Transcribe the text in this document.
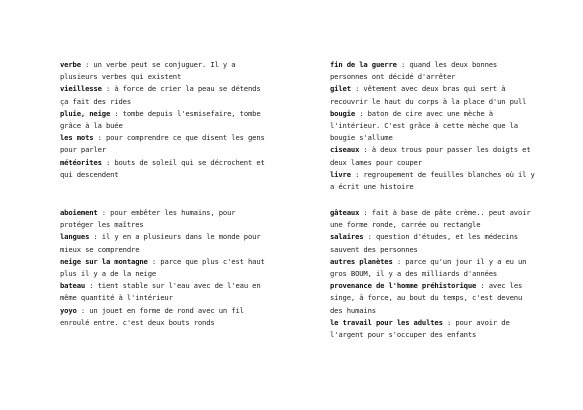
verbe : un verbe peut se conjuguer. Il y a plusieurs verbes qui existent
vieillesse : à force de crier la peau se détends ça fait des rides
pluie, neige : tombe depuis l'esmisefaire, tombe grâce à la buée
les mots : pour comprendre ce que disent les gens pour parler
météorites : bouts de soleil qui se décrochent et qui descendent
fin de la guerre : quand les deux bonnes personnes ont décidé d'arrêter
gilet : vêtement avec deux bras qui sert à recouvrir le haut du corps à la place d'un pull
bougie : baton de cire avec une mèche à l'intérieur. C'est grâce à cette mèche que la bougie s'allume
ciseaux : à deux trous pour passer les doigts et deux lames pour couper
livre : regroupement de feuilles blanches où il y a écrit une histoire
aboiement : pour embêter les humains, pour protéger les maîtres
langues : il y en a plusieurs dans le monde pour mieux se comprendre
neige sur la montagne : parce que plus c'est haut plus il y a de la neige
bateau : tient stable sur l'eau avec de l'eau en même quantité à l'intérieur
yoyo : un jouet en forme de rond avec un fil enroulé entre. c'est deux bouts ronds
gâteaux : fait à base de pâte crème.. peut avoir une forme ronde, carrée ou rectangle
salaires : question d'études, et les médecins sauvent des personnes
autres planètes : parce qu'un jour il y a eu un gros BOUM, il y a des milliards d'années
provenance de l'homme préhistorique : avec les singe, à force, au bout du temps, c'est devenu des humains
le travail pour les adultes : pour avoir de l'argent pour s'occuper des enfants
